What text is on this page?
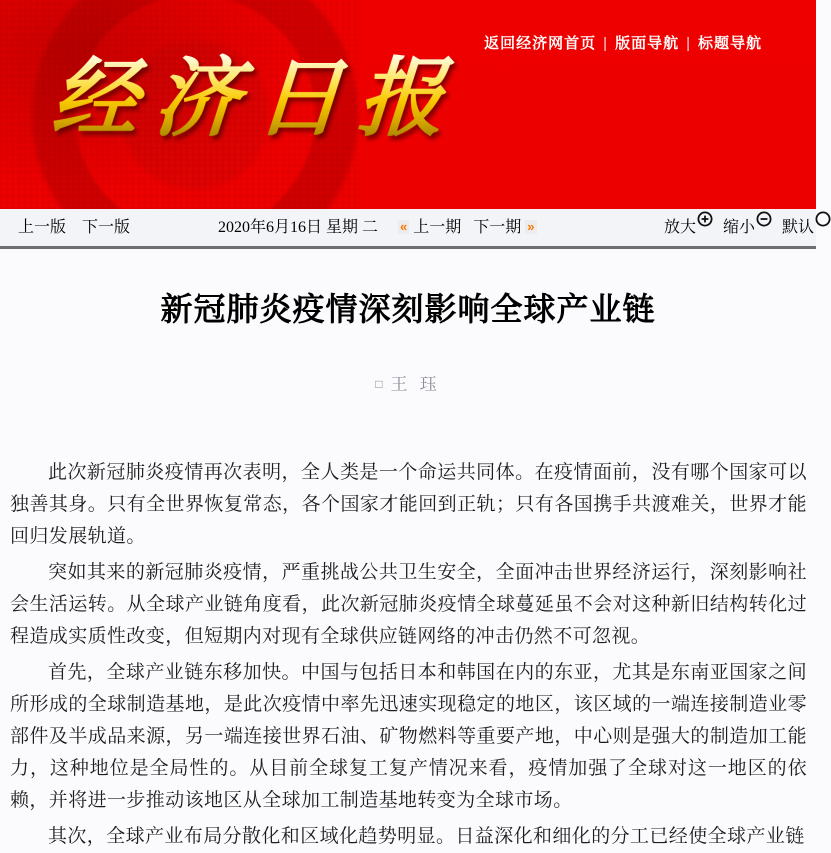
经济日报
返回经济网首页 | 版面导航 | 标题导航
上一版 下一版	2020年6月16日 星期 二 « 上一期 下一期 »	放大 缩小 默认
新冠肺炎疫情深刻影响全球产业链
□ 王 珏

此次新冠肺炎疫情再次表明，全人类是一个命运共同体。在疫情面前，没有哪个国家可以独善其身。只有全世界恢复常态，各个国家才能回到正轨；只有各国携手共渡难关，世界才能回归发展轨道。

突如其来的新冠肺炎疫情，严重挑战公共卫生安全，全面冲击世界经济运行，深刻影响社会生活运转。从全球产业链角度看，此次新冠肺炎疫情全球蔓延虽不会对这种新旧结构转化过程造成实质性改变，但短期内对现有全球供应链网络的冲击仍然不可忽视。

首先，全球产业链东移加快。中国与包括日本和韩国在内的东亚，尤其是东南亚国家之间所形成的全球制造基地，是此次疫情中率先迅速实现稳定的地区，该区域的一端连接制造业零部件及半成品来源，另一端连接世界石油、矿物燃料等重要产地，中心则是强大的制造加工能力，这种地位是全局性的。从目前全球复工复产情况来看，疫情加强了全球对这一地区的依赖，并将进一步推动该地区从全球加工制造基地转变为全球市场。

其次，全球产业布局分散化和区域化趋势明显。日益深化和细化的分工已经使全球产业链
